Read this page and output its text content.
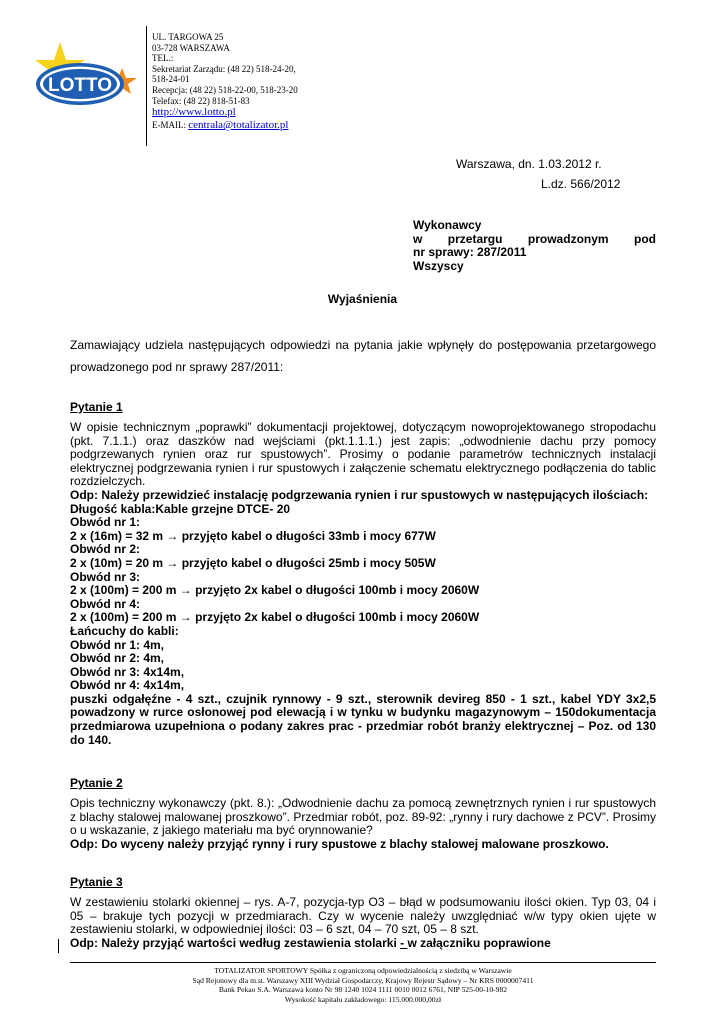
LOTTO
UL. TARGOWA 25
03-728 WARSZAWA
TEL.:
Sekretariat Zarządu: (48 22) 518-24-20,
518-24-01
Recepcja: (48 22) 518-22-00, 518-23-20
Telefax: (48 22) 818-51-83
http://www.lotto.pl
E-MAIL: centrala@totalizator.pl
Warszawa, dn. 1.03.2012 r.
L.dz. 566/2012
Wykonawcy
w przetargu prowadzonym pod
nr sprawy: 287/2011
Wszyscy
Wyjaśnienia
Zamawiający udziela następujących odpowiedzi na pytania jakie wpłynęły do postępowania przetargowego prowadzonego pod nr sprawy 287/2011:
Pytanie 1
W opisie technicznym „poprawki” dokumentacji projektowej, dotyczącym nowoprojektowanego stropodachu (pkt. 7.1.1.) oraz daszków nad wejściami (pkt.1.1.1.) jest zapis: „odwodnienie dachu przy pomocy podgrzewanych rynien oraz rur spustowych”. Prosimy o podanie parametrów technicznych instalacji elektrycznej podgrzewania rynien i rur spustowych i załączenie schematu elektrycznego podłączenia do tablic rozdzielczych.
Odp: Należy przewidzieć instalację podgrzewania rynien i rur spustowych w następujących ilościach:
Długość kabla:Kable grzejne DTCE- 20
Obwód nr 1:
2 x (16m) = 32 m → przyjęto kabel o długości 33mb i mocy 677W
Obwód nr 2:
2 x (10m) = 20 m → przyjęto kabel o długości 25mb i mocy 505W
Obwód nr 3:
2 x (100m) = 200 m → przyjęto 2x kabel o długości 100mb i mocy 2060W
Obwód nr 4:
2 x (100m) = 200 m → przyjęto 2x kabel o długości 100mb i mocy 2060W
Łańcuchy do kabli:
Obwód nr 1: 4m,
Obwód nr 2: 4m,
Obwód nr 3: 4x14m,
Obwód nr 4: 4x14m,
puszki odgałęźne - 4 szt., czujnik rynnowy - 9 szt., sterownik devireg 850 - 1 szt., kabel YDY 3x2,5 powadzony w rurce osłonowej pod elewacją i w tynku w budynku magazynowym – 150dokumentacja przedmiarowa uzupełniona o podany zakres prac - przedmiar robót branży elektrycznej – Poz. od 130 do 140.
Pytanie 2
Opis techniczny wykonawczy (pkt. 8.): „Odwodnienie dachu za pomocą zewnętrznych rynien i rur spustowych z blachy stalowej malowanej proszkowo”. Przedmiar robót, poz. 89-92: „rynny i rury dachowe z PCV”. Prosimy o u wskazanie, z jakiego materiału ma być orynnowanie?
Odp: Do wyceny należy przyjąć rynny i rury spustowe z blachy stalowej malowane proszkowo.
Pytanie 3
W zestawieniu stolarki okiennej – rys. A-7, pozycja-typ O3 – błąd w podsumowaniu ilości okien. Typ 03, 04 i 05 – brakuje tych pozycji w przedmiarach. Czy w wycenie należy uwzględniać w/w typy okien ujęte w zestawieniu stolarki, w odpowiedniej ilości: 03 – 6 szt, 04 – 70 szt, 05 – 8 szt.
Odp: Należy przyjąć wartości według zestawienia stolarki - w załączniku poprawione
TOTALIZATOR SPORTOWY Spółka z ograniczoną odpowiedzialnością z siedzibą w Warszawie
Sąd Rejonowy dla m.st. Warszawy XIII Wydział Gospodarczy, Krajowy Rejestr Sądowy – Nr KRS 0000007411
Bank Pekao S.A. Warszawa konto Nr 98 1240 1024 1111 0010 0012 6761, NIP 525-00-10-982
Wysokość kapitału zakładowego: 115.000.000,00zł
